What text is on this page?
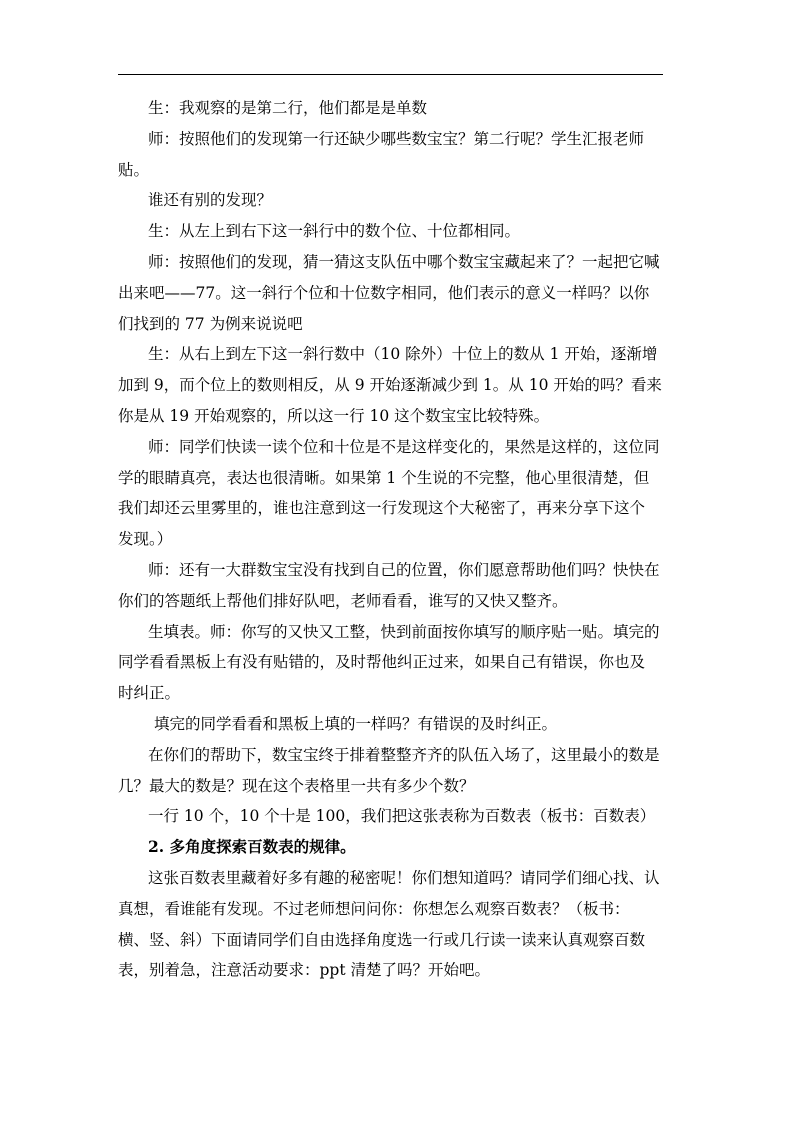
生：我观察的是第二行，他们都是是单数

师：按照他们的发现第一行还缺少哪些数宝宝？第二行呢？学生汇报老师

贴。

谁还有别的发现？

生：从左上到右下这一斜行中的数个位、十位都相同。

师：按照他们的发现，猜一猜这支队伍中哪个数宝宝藏起来了？一起把它喊

出来吧——77。这一斜行个位和十位数字相同，他们表示的意义一样吗？以你

们找到的 77 为例来说说吧

生：从右上到左下这一斜行数中（10 除外）十位上的数从 1 开始，逐渐增

加到 9，而个位上的数则相反，从 9 开始逐渐减少到 1。从 10 开始的吗？看来

你是从 19 开始观察的，所以这一行 10 这个数宝宝比较特殊。

师：同学们快读一读个位和十位是不是这样变化的，果然是这样的，这位同

学的眼睛真亮，表达也很清晰。如果第 1 个生说的不完整，他心里很清楚，但

我们却还云里雾里的，谁也注意到这一行发现这个大秘密了，再来分享下这个

发现。）

师：还有一大群数宝宝没有找到自己的位置，你们愿意帮助他们吗？快快在

你们的答题纸上帮他们排好队吧，老师看看，谁写的又快又整齐。

生填表。师：你写的又快又工整，快到前面按你填写的顺序贴一贴。填完的

同学看看黑板上有没有贴错的，及时帮他纠正过来，如果自己有错误，你也及

时纠正。

填完的同学看看和黑板上填的一样吗？有错误的及时纠正。

在你们的帮助下，数宝宝终于排着整整齐齐的队伍入场了，这里最小的数是

几？最大的数是？现在这个表格里一共有多少个数？

一行 10 个，10 个十是 100，我们把这张表称为百数表（板书：百数表）

2. 多角度探索百数表的规律。

这张百数表里藏着好多有趣的秘密呢！你们想知道吗？请同学们细心找、认

真想，看谁能有发现。不过老师想问问你：你想怎么观察百数表？（板书：

横、竖、斜）下面请同学们自由选择角度选一行或几行读一读来认真观察百数

表，别着急，注意活动要求：ppt 清楚了吗？开始吧。
